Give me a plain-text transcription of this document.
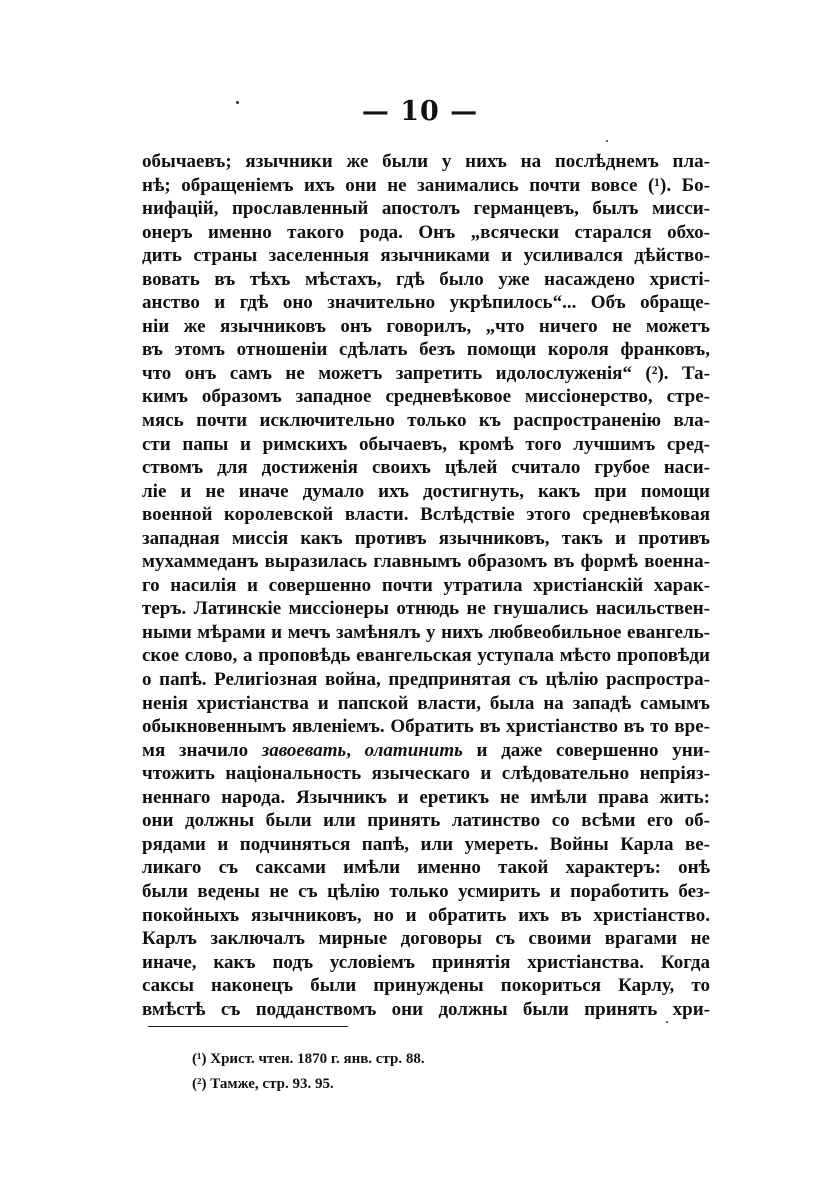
— 10 —
обычаевъ; язычники же были у нихъ на послѣднемъ пла-
нѣ; обращеніемъ ихъ они не занимались почти вовсе (¹). Бо-
нифацій, прославленный апостолъ германцевъ, былъ мисси-
онеръ именно такого рода. Онъ „всячески старался обхо-
дить страны заселенныя язычниками и усиливался дѣйство-
вовать въ тѣхъ мѣстахъ, гдѣ было уже насаждено христі-
анство и гдѣ оно значительно укрѣпилось“... Объ обраще-
ніи же язычниковъ онъ говорилъ, „что ничего не можетъ
въ этомъ отношеніи сдѣлать безъ помощи короля франковъ,
что онъ самъ не можетъ запретить идолослуженія“ (²). Та-
кимъ образомъ западное средневѣковое миссіонерство, стре-
мясь почти исключительно только къ распространенію вла-
сти папы и римскихъ обычаевъ, кромѣ того лучшимъ сред-
ствомъ для достиженія своихъ цѣлей считало грубое наси-
ліе и не иначе думало ихъ достигнуть, какъ при помощи
военной королевской власти. Вслѣдствіе этого средневѣковая
западная миссія какъ противъ язычниковъ, такъ и противъ
мухаммеданъ выразилась главнымъ образомъ въ формѣ военна-
го насилія и совершенно почти утратила христіанскій харак-
теръ. Латинскіе миссіонеры отнюдь не гнушались насильствен-
ными мѣрами и мечъ замѣнялъ у нихъ любвеобильное евангель-
ское слово, а проповѣдь евангельская уступала мѣсто проповѣди
о папѣ. Религіозная война, предпринятая съ цѣлію распростра-
ненія христіанства и папской власти, была на западѣ самымъ
обыкновеннымъ явленіемъ. Обратить въ христіанство въ то вре-
мя значило завоевать, олатинить и даже совершенно уни-
чтожить національность языческаго и слѣдовательно непріяз-
неннаго народа. Язычникъ и еретикъ не имѣли права жить:
они должны были или принять латинство со всѣми его об-
рядами и подчиняться папѣ, или умереть. Войны Карла ве-
ликаго съ саксами имѣли именно такой характеръ: онѣ
были ведены не съ цѣлію только усмирить и поработить без-
покойныхъ язычниковъ, но и обратить ихъ въ христіанство.
Карлъ заключалъ мирные договоры съ своими врагами не
иначе, какъ подъ условіемъ принятія христіанства. Когда
саксы наконецъ были принуждены покориться Карлу, то
вмѣстѣ съ подданствомъ они должны были принять хри-
(¹) Христ. чтен. 1870 г. янв. стр. 88.
(²) Тамже, стр. 93. 95.
